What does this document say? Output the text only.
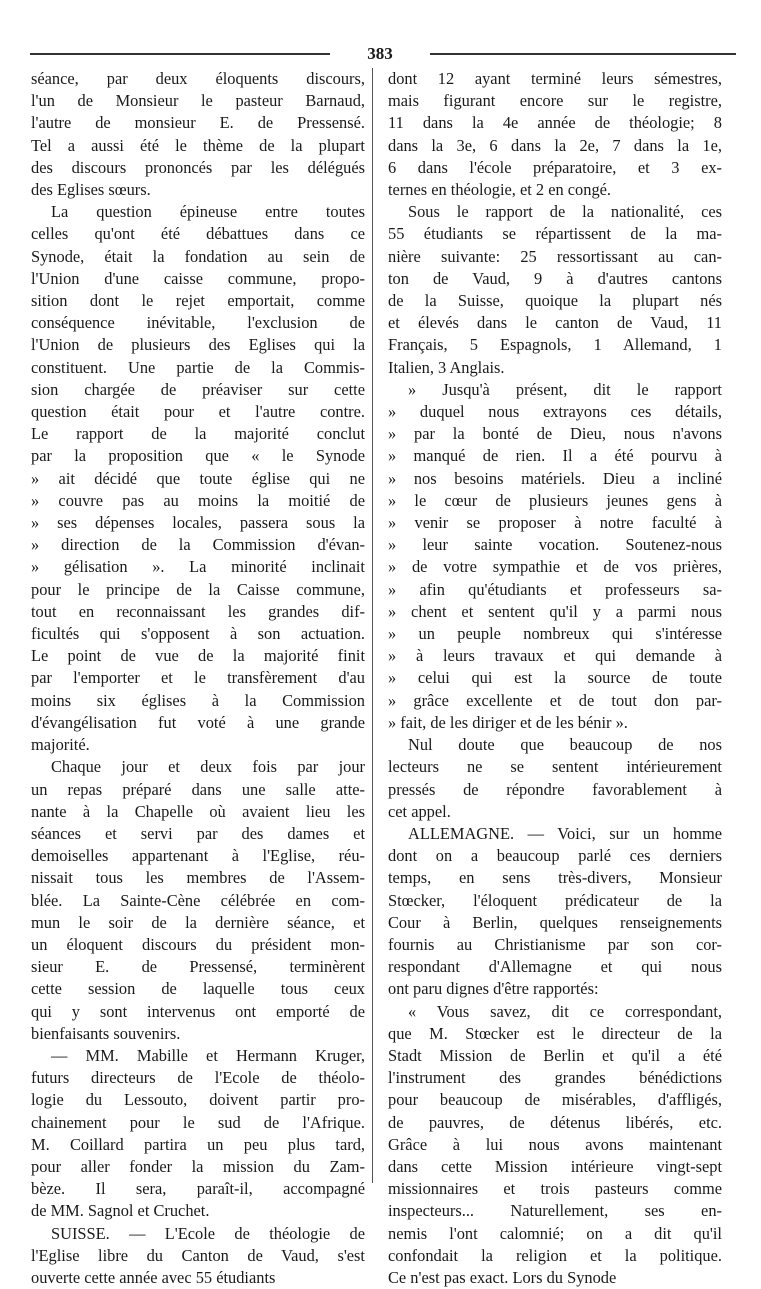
383

séance, par deux éloquents discours,

l'un de Monsieur le pasteur Barnaud,

l'autre de monsieur E. de Pressensé.

Tel a aussi été le thème de la plupart

des discours prononcés par les délégués

des Eglises sœurs.

La question épineuse entre toutes

celles qu'ont été débattues dans ce

Synode, était la fondation au sein de

l'Union d'une caisse commune, propo-

sition dont le rejet emportait, comme

conséquence inévitable, l'exclusion de

l'Union de plusieurs des Eglises qui la

constituent. Une partie de la Commis-

sion chargée de préaviser sur cette

question était pour et l'autre contre.

Le rapport de la majorité conclut

par la proposition que « le Synode

» ait décidé que toute église qui ne

» couvre pas au moins la moitié de

» ses dépenses locales, passera sous la

» direction de la Commission d'évan-

» gélisation ». La minorité inclinait

pour le principe de la Caisse commune,

tout en reconnaissant les grandes dif-

ficultés qui s'opposent à son actuation.

Le point de vue de la majorité finit

par l'emporter et le transfèrement d'au

moins six églises à la Commission

d'évangélisation fut voté à une grande

majorité.

Chaque jour et deux fois par jour

un repas préparé dans une salle atte-

nante à la Chapelle où avaient lieu les

séances et servi par des dames et

demoiselles appartenant à l'Eglise, réu-

nissait tous les membres de l'Assem-

blée. La Sainte-Cène célébrée en com-

mun le soir de la dernière séance, et

un éloquent discours du président mon-

sieur E. de Pressensé, terminèrent

cette session de laquelle tous ceux

qui y sont intervenus ont emporté de

bienfaisants souvenirs.

— MM. Mabille et Hermann Kruger,

futurs directeurs de l'Ecole de théolo-

logie du Lessouto, doivent partir pro-

chainement pour le sud de l'Afrique.

M. Coillard partira un peu plus tard,

pour aller fonder la mission du Zam-

bèze. Il sera, paraît-il, accompagné

de MM. Sagnol et Cruchet.

SUISSE. — L'Ecole de théologie de

l'Eglise libre du Canton de Vaud, s'est

ouverte cette année avec 55 étudiants

dont 12 ayant terminé leurs sémestres,

mais figurant encore sur le registre,

11 dans la 4e année de théologie; 8

dans la 3e, 6 dans la 2e, 7 dans la 1e,

6 dans l'école préparatoire, et 3 ex-

ternes en théologie, et 2 en congé.

Sous le rapport de la nationalité, ces

55 étudiants se répartissent de la ma-

nière suivante: 25 ressortissant au can-

ton de Vaud, 9 à d'autres cantons

de la Suisse, quoique la plupart nés

et élevés dans le canton de Vaud, 11

Français, 5 Espagnols, 1 Allemand, 1

Italien, 3 Anglais.

» Jusqu'à présent, dit le rapport

» duquel nous extrayons ces détails,

» par la bonté de Dieu, nous n'avons

» manqué de rien. Il a été pourvu à

» nos besoins matériels. Dieu a incliné

» le cœur de plusieurs jeunes gens à

» venir se proposer à notre faculté à

» leur sainte vocation. Soutenez-nous

» de votre sympathie et de vos prières,

» afin qu'étudiants et professeurs sa-

» chent et sentent qu'il y a parmi nous

» un peuple nombreux qui s'intéresse

» à leurs travaux et qui demande à

» celui qui est la source de toute

» grâce excellente et de tout don par-

» fait, de les diriger et de les bénir ».

Nul doute que beaucoup de nos

lecteurs ne se sentent intérieurement

pressés de répondre favorablement à

cet appel.

ALLEMAGNE. — Voici, sur un homme

dont on a beaucoup parlé ces derniers

temps, en sens très-divers, Monsieur

Stœcker, l'éloquent prédicateur de la

Cour à Berlin, quelques renseignements

fournis au Christianisme par son cor-

respondant d'Allemagne et qui nous

ont paru dignes d'être rapportés:

« Vous savez, dit ce correspondant,

que M. Stœcker est le directeur de la

Stadt Mission de Berlin et qu'il a été

l'instrument des grandes bénédictions

pour beaucoup de misérables, d'affligés,

de pauvres, de détenus libérés, etc.

Grâce à lui nous avons maintenant

dans cette Mission intérieure vingt-sept

missionnaires et trois pasteurs comme

inspecteurs... Naturellement, ses en-

nemis l'ont calomnié; on a dit qu'il

confondait la religion et la politique.

Ce n'est pas exact. Lors du Synode
